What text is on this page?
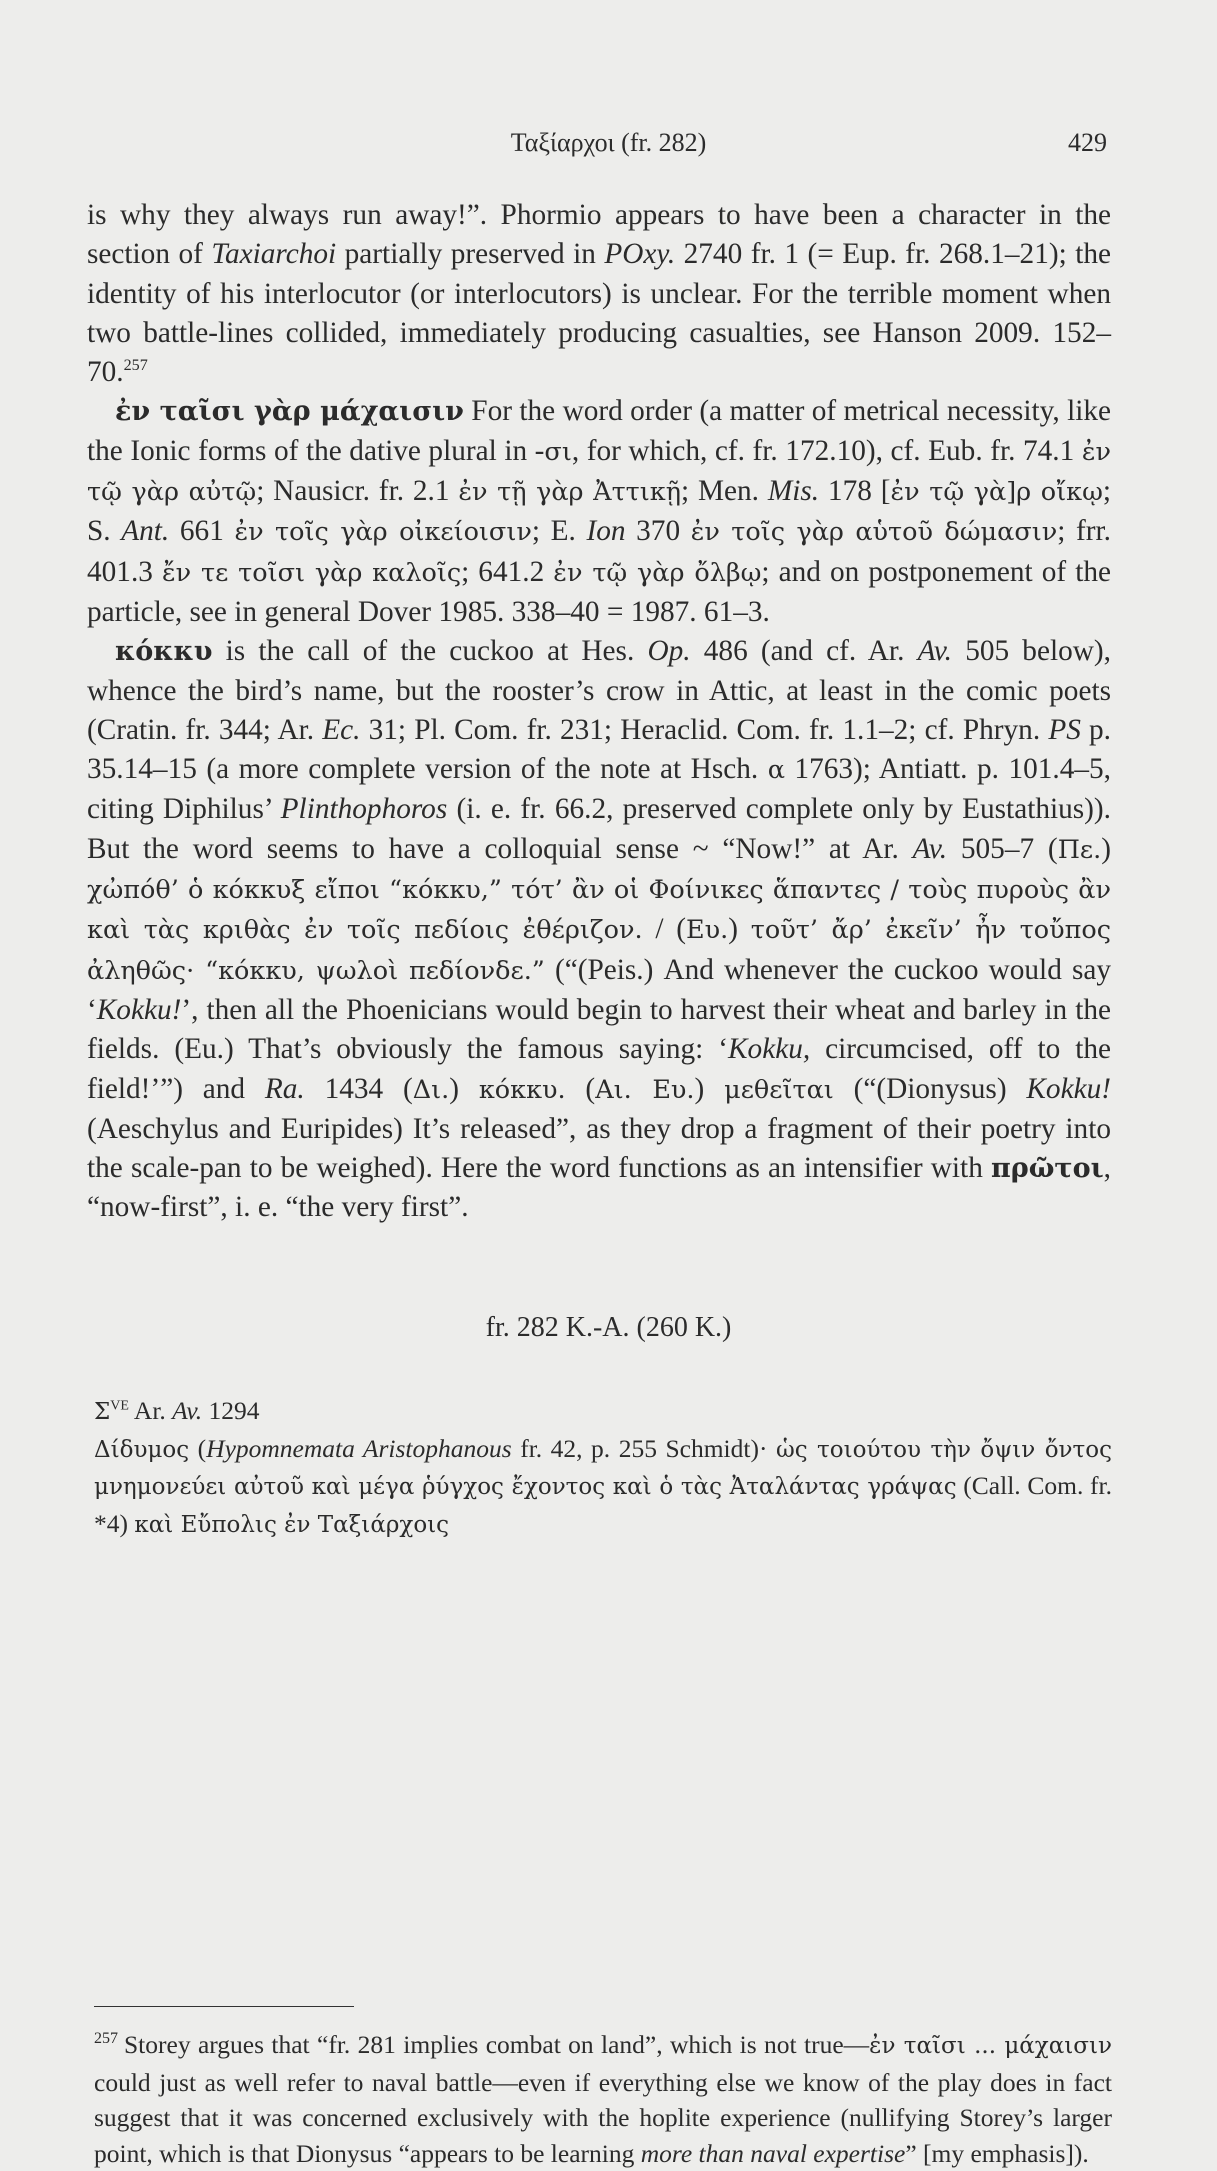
Ταξίαρχοι (fr. 282)	429

is why they always run away!”. Phormio appears to have been a character in the section of Taxiarchoi partially preserved in POxy. 2740 fr. 1 (= Eup. fr. 268.1–21); the identity of his interlocutor (or interlocutors) is unclear. For the terrible moment when two battle-lines collided, immediately producing casualties, see Hanson 2009. 152–70.$^{257}$

ἐν ταῖσι γὰρ μάχαισιν For the word order (a matter of metrical necessity, like the Ionic forms of the dative plural in -σι, for which, cf. fr. 172.10), cf. Eub. fr. 74.1 ἐν τῷ γὰρ αὐτῷ; Nausicr. fr. 2.1 ἐν τῇ γὰρ Ἀττικῇ; Men. Mis. 178 [ἐν τῷ γὰ]ρ οἴκῳ; S. Ant. 661 ἐν τοῖς γὰρ οἰκείοισιν; E. Ion 370 ἐν τοῖς γὰρ αὑτοῦ δώμασιν; frr. 401.3 ἔν τε τοῖσι γὰρ καλοῖς; 641.2 ἐν τῷ γὰρ ὄλβῳ; and on postponement of the particle, see in general Dover 1985. 338–40 = 1987. 61–3.

κόκκυ is the call of the cuckoo at Hes. Op. 486 (and cf. Ar. Av. 505 below), whence the bird’s name, but the rooster’s crow in Attic, at least in the comic poets (Cratin. fr. 344; Ar. Ec. 31; Pl. Com. fr. 231; Heraclid. Com. fr. 1.1–2; cf. Phryn. PS p. 35.14–15 (a more complete version of the note at Hsch. α 1763); Antiatt. p. 101.4–5, citing Diphilus’ Plinthophoros (i. e. fr. 66.2, preserved complete only by Eustathius)). But the word seems to have a colloquial sense ~ “Now!” at Ar. Av. 505–7 (Πε.) χὠπόθ’ ὁ κόκκυξ εἴποι “κόκκυ,” τότ’ ἂν οἱ Φοίνικες ἅπαντες / τοὺς πυροὺς ἂν καὶ τὰς κριθὰς ἐν τοῖς πεδίοις ἐθέριζον. / (Ευ.) τοῦτ’ ἄρ’ ἐκεῖν’ ἦν τοὔπος ἀληθῶς· “κόκκυ, ψωλοὶ πεδίονδε.” (“(Peis.) And whenever the cuckoo would say ‘Kokku!’, then all the Phoenicians would begin to harvest their wheat and barley in the fields. (Eu.) That’s obviously the famous saying: ‘Kokku, circumcised, off to the field!’”) and Ra. 1434 (Δι.) κόκκυ. (Αι. Ευ.) μεθεῖται (“(Dionysus) Kokku! (Aeschylus and Euripides) It’s released”, as they drop a fragment of their poetry into the scale-pan to be weighed). Here the word functions as an intensifier with πρῶτοι, “now-first”, i. e. “the very first”.

fr. 282 K.-A. (260 K.)

$\Sigma^{VE}$ Ar. Av. 1294

Δίδυμος (Hypomnemata Aristophanous fr. 42, p. 255 Schmidt)· ὡς τοιούτου τὴν ὄψιν ὄντος μνημονεύει αὐτοῦ καὶ μέγα ῥύγχος ἔχοντος καὶ ὁ τὰς Ἀταλάντας γράψας (Call. Com. fr. *4) καὶ Εὔπολις ἐν Ταξιάρχοις

$^{257}$ Storey argues that “fr. 281 implies combat on land”, which is not true—ἐν ταῖσι ... μάχαισιν could just as well refer to naval battle—even if everything else we know of the play does in fact suggest that it was concerned exclusively with the hoplite experience (nullifying Storey’s larger point, which is that Dionysus “appears to be learning more than naval expertise” [my emphasis]).
